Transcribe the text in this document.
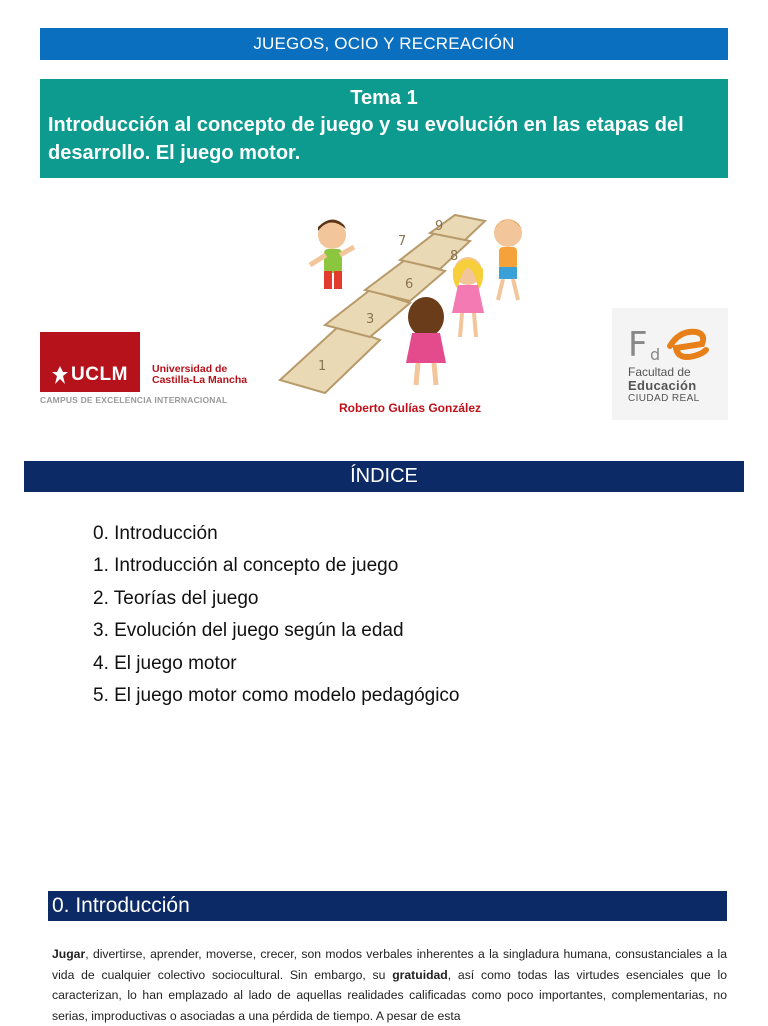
JUEGOS, OCIO Y RECREACIÓN
Tema 1
Introducción al concepto de juego y su evolución en las etapas del desarrollo. El juego motor.
UCLM Universidad de
Castilla-La Mancha
CAMPUS DE EXCELENCIA INTERNACIONAL
1
3
6
7
8
9
Roberto Gulías González
F d
Facultad de
Educación
CIUDAD REAL
ÍNDICE
0. Introducción
1. Introducción al concepto de juego
2. Teorías del juego
3. Evolución del juego según la edad
4. El juego motor
5. El juego motor como modelo pedagógico
0. Introducción

Jugar, divertirse, aprender, moverse, crecer, son modos verbales inherentes a la singladura humana, consustanciales a la vida de cualquier colectivo sociocultural. Sin embargo, su gratuidad, así como todas las virtudes esenciales que lo caracterizan, lo han emplazado al lado de aquellas realidades calificadas como poco importantes, complementarias, no serias, improductivas o asociadas a una pérdida de tiempo. A pesar de esta
